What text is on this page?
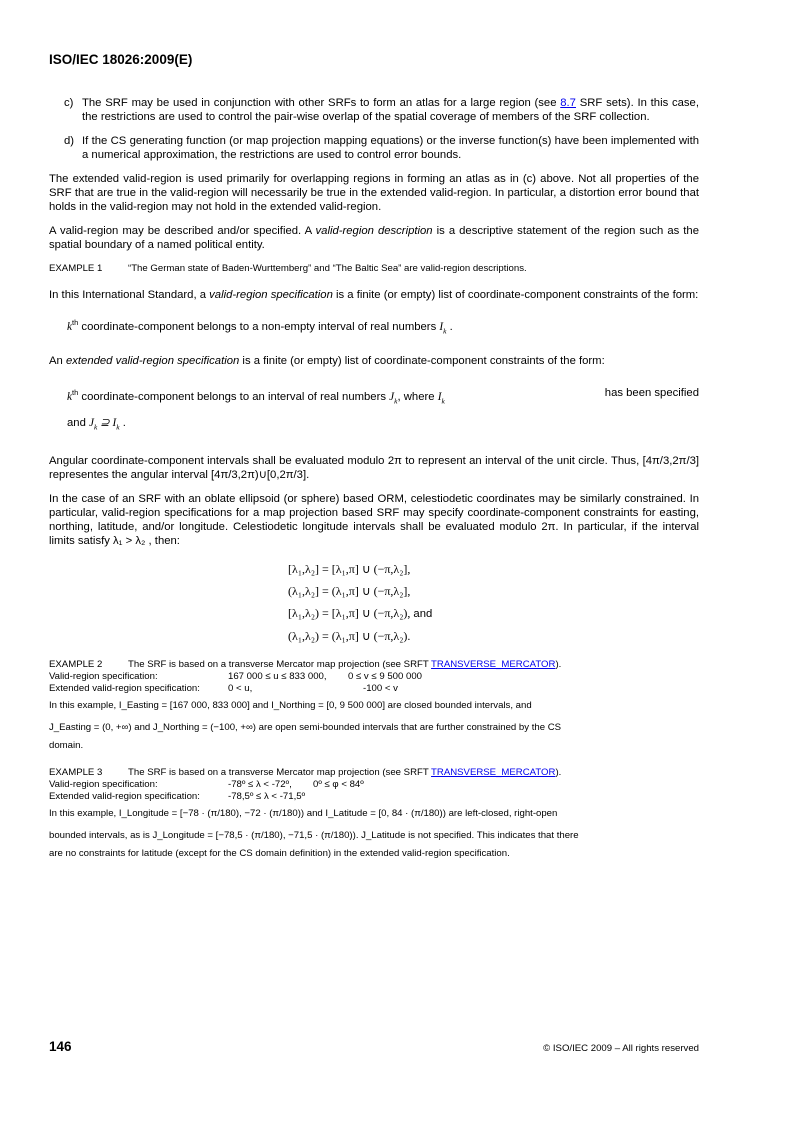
ISO/IEC 18026:2009(E)
c) The SRF may be used in conjunction with other SRFs to form an atlas for a large region (see 8.7 SRF sets). In this case, the restrictions are used to control the pair-wise overlap of the spatial coverage of members of the SRF collection.
d) If the CS generating function (or map projection mapping equations) or the inverse function(s) have been implemented with a numerical approximation, the restrictions are used to control error bounds.

The extended valid-region is used primarily for overlapping regions in forming an atlas as in (c) above. Not all properties of the SRF that are true in the valid-region will necessarily be true in the extended valid-region. In particular, a distortion error bound that holds in the valid-region may not hold in the extended valid-region.

A valid-region may be described and/or specified. A valid-region description is a descriptive statement of the region such as the spatial boundary of a named political entity.

EXAMPLE 1	“The German state of Baden-Wurttemberg” and “The Baltic Sea” are valid-region descriptions.

In this International Standard, a valid-region specification is a finite (or empty) list of coordinate-component constraints of the form:

$k^{th}$ coordinate-component belongs to a non-empty interval of real numbers $I_k$ .

An extended valid-region specification is a finite (or empty) list of coordinate-component constraints of the form:

$k^{th}$ coordinate-component belongs to an interval of real numbers $J_k$, where $I_k$
has been specified
and $J_k$ ⊇ $I_k$ .

Angular coordinate-component intervals shall be evaluated modulo 2π to represent an interval of the unit circle. Thus, [4π/3,2π/3] representes the angular interval [4π/3,2π)∪[0,2π/3].

In the case of an SRF with an oblate ellipsoid (or sphere) based ORM, celestiodetic coordinates may be similarly constrained. In particular, valid-region specifications for a map projection based SRF may specify coordinate-component constraints for easting, northing, latitude, and/or longitude. Celestiodetic longitude intervals shall be evaluated modulo 2π. In particular, if the interval limits satisfy λ₁ > λ₂ , then:

[λ₁,λ₂] = [λ₁,π] ∪ (−π,λ₂],
(λ₁,λ₂] = (λ₁,π] ∪ (−π,λ₂],
[λ₁,λ₂) = [λ₁,π] ∪ (−π,λ₂), and
(λ₁,λ₂) = (λ₁,π] ∪ (−π,λ₂).
EXAMPLE 2	The SRF is based on a transverse Mercator map projection (see SRFT TRANSVERSE_MERCATOR).
Valid-region specification:	167 000 ≤ u ≤ 833 000,	0 ≤ v ≤ 9 500 000
Extended valid-region specification:	0 < u,	-100 < v
In this example, I_Easting = [167 000, 833 000] and I_Northing = [0, 9 500 000] are closed bounded intervals, and
J_Easting = (0, +∞) and J_Northing = (−100, +∞) are open semi-bounded intervals that are further constrained by the CS
domain.
EXAMPLE 3	The SRF is based on a transverse Mercator map projection (see SRFT TRANSVERSE_MERCATOR).
Valid-region specification:	-78º ≤ λ < -72º,	0º ≤ φ < 84º
Extended valid-region specification:	-78,5º ≤ λ < -71,5º
In this example, I_Longitude = [−78 · (π/180), −72 · (π/180)) and I_Latitude = [0, 84 · (π/180)) are left-closed, right-open
bounded intervals, as is J_Longitude = [−78,5 · (π/180), −71,5 · (π/180)). J_Latitude is not specified. This indicates that there
are no constraints for latitude (except for the CS domain definition) in the extended valid-region specification.
146	© ISO/IEC 2009 – All rights reserved
